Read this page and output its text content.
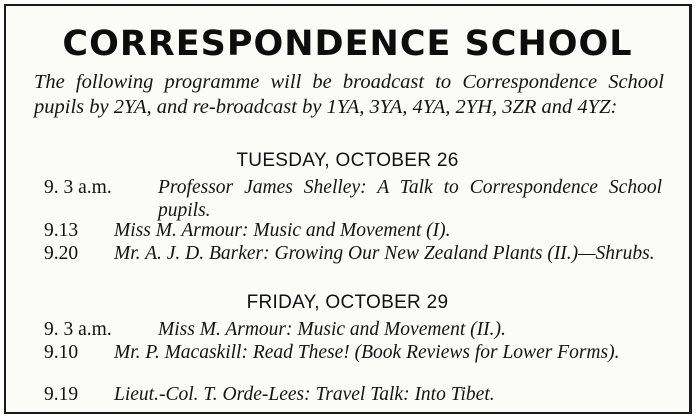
CORRESPONDENCE SCHOOL
The following programme will be broadcast to Correspondence School pupils by 2YA, and re-broadcast by 1YA, 3YA, 4YA, 2YH, 3ZR and 4YZ:
TUESDAY, OCTOBER 26
9. 3 a.m. Professor James Shelley: A Talk to Correspondence School pupils.
9.13 Miss M. Armour: Music and Movement (I).
9.20 Mr. A. J. D. Barker: Growing Our New Zealand Plants (II.)—Shrubs.
FRIDAY, OCTOBER 29
9. 3 a.m. Miss M. Armour: Music and Movement (II.).
9.10 Mr. P. Macaskill: Read These! (Book Reviews for Lower Forms).
9.19 Lieut.-Col. T. Orde-Lees: Travel Talk: Into Tibet.
